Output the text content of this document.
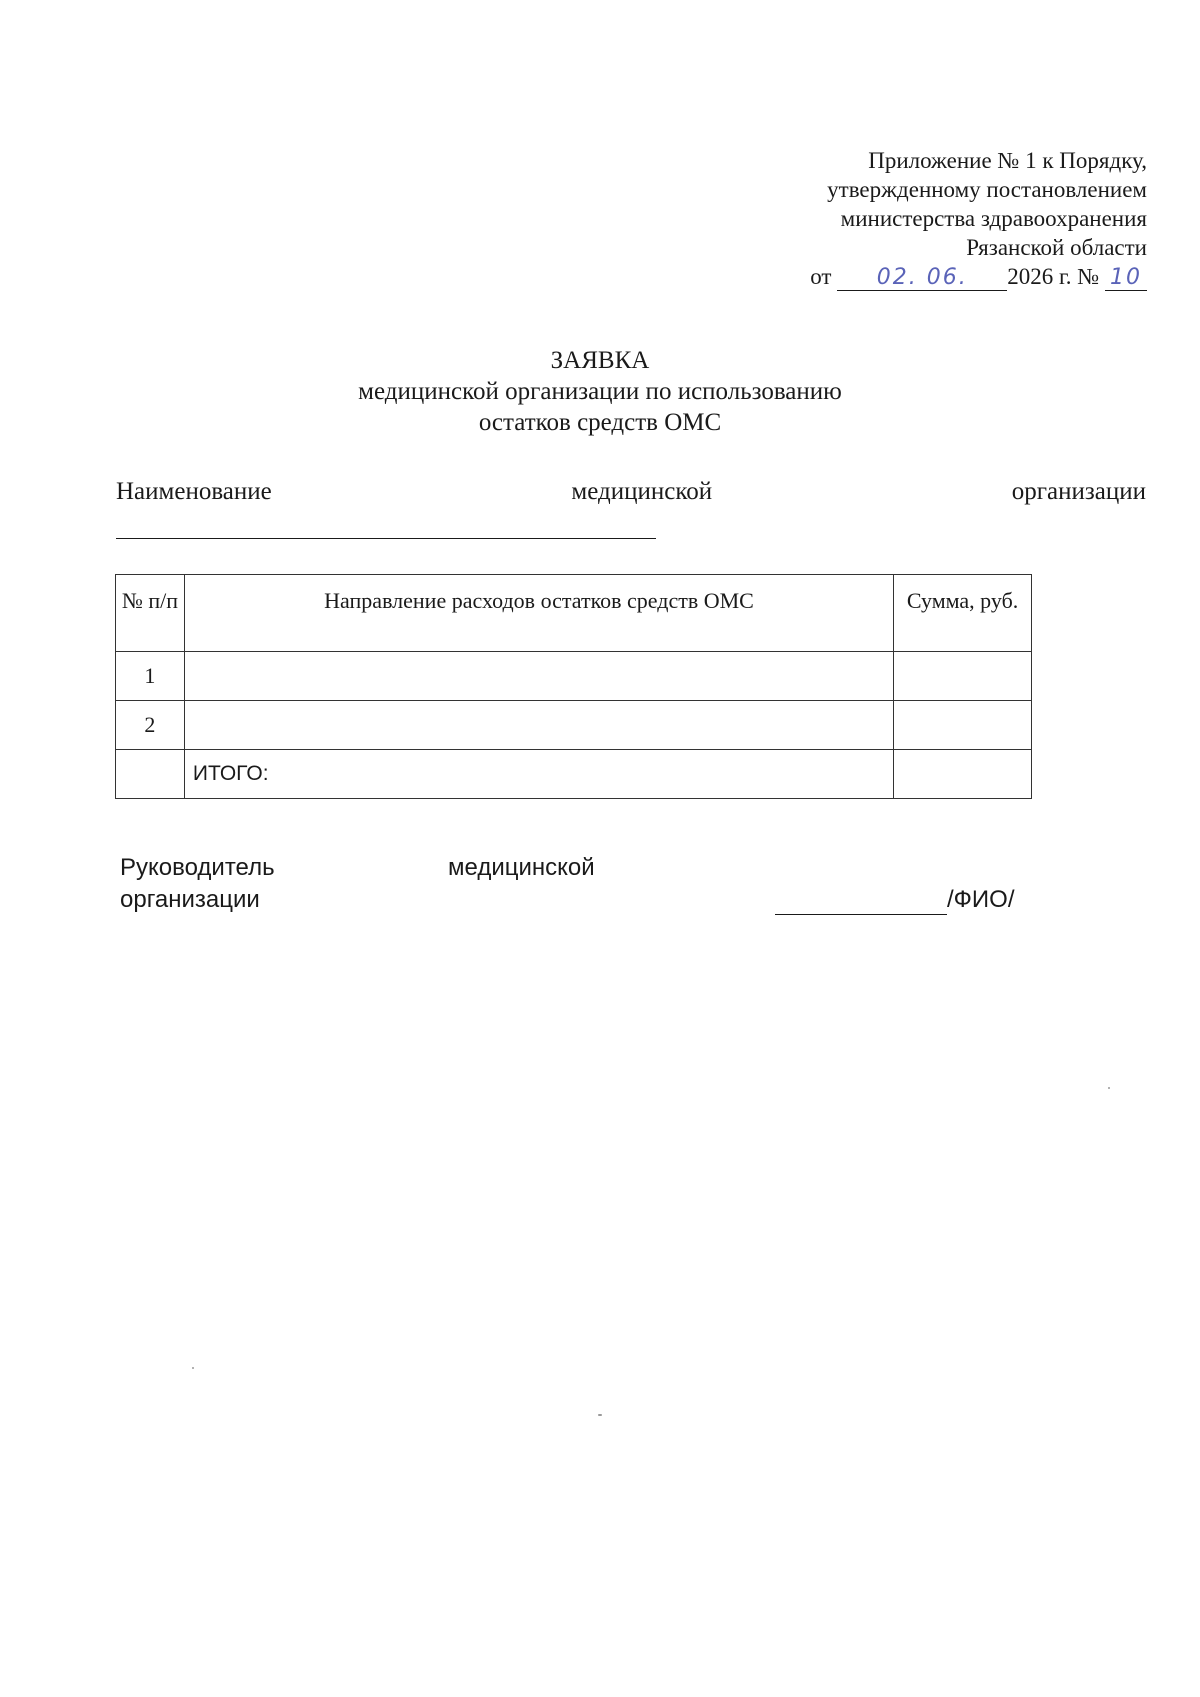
Приложение № 1 к Порядку,
утвержденному постановлением
министерства здравоохранения
Рязанской области
от 02. 06. 2026 г. № 10
ЗАЯВКА
медицинской организации по использованию
остатков средств ОМС
Наименование	медицинской	организации
№ п/п	Направление расходов остатков средств ОМС	Сумма, руб.
1		
2		
	ИТОГО:	
Руководитель	медицинской
организации	/ФИО/
